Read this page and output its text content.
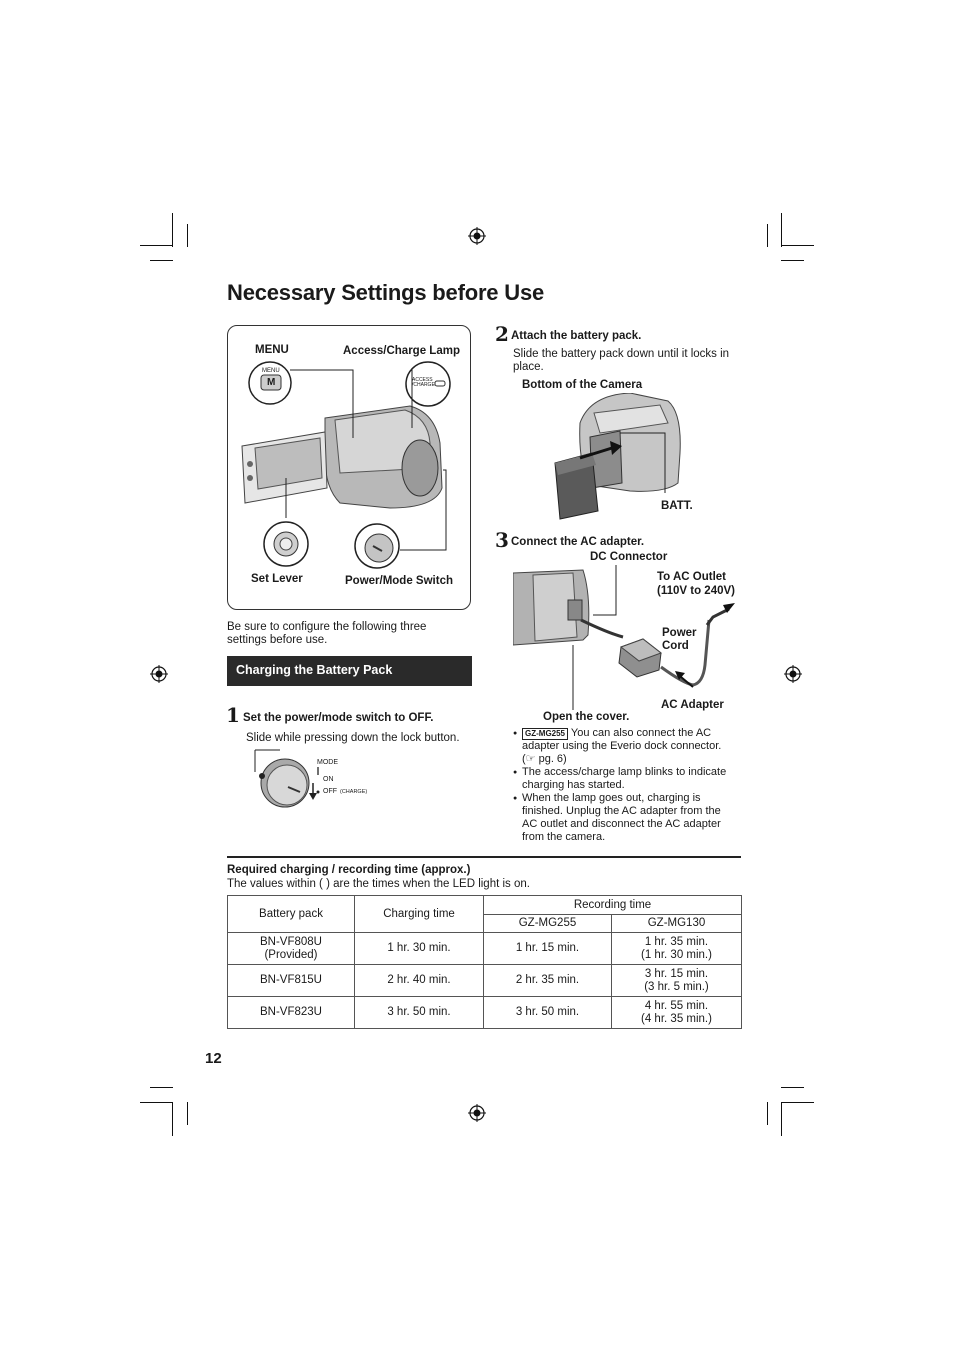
Necessary Settings before Use
MENU	Access/Charge Lamp
MENU
M	ACCESS
/CHARGE
Set Lever	Power/Mode Switch
Be sure to configure the following three settings before use.
Charging the Battery Pack
1 Set the power/mode switch to OFF.
Slide while pressing down the lock button.
MODE
ON
OFF (CHARGE)
2 Attach the battery pack.
Slide the battery pack down until it locks in place.
Bottom of the Camera
BATT.
3 Connect the AC adapter.
DC Connector
To AC Outlet
(110V to 240V)
Power
Cord
AC Adapter
Open the cover.
● GZ-MG255 You can also connect the AC adapter using the Everio dock connector. (☞ pg. 6)
● The access/charge lamp blinks to indicate charging has started.
● When the lamp goes out, charging is finished. Unplug the AC adapter from the AC outlet and disconnect the AC adapter from the camera.
Required charging / recording time (approx.)
The values within ( ) are the times when the LED light is on.
Battery pack	Charging time	Recording time	
		GZ-MG255	GZ-MG130
BN-VF808U
(Provided)	1 hr. 30 min.	1 hr. 15 min.	1 hr. 35 min.
(1 hr. 30 min.)
BN-VF815U	2 hr. 40 min.	2 hr. 35 min.	3 hr. 15 min.
(3 hr. 5 min.)
BN-VF823U	3 hr. 50 min.	3 hr. 50 min.	4 hr. 55 min.
(4 hr. 35 min.)
12
